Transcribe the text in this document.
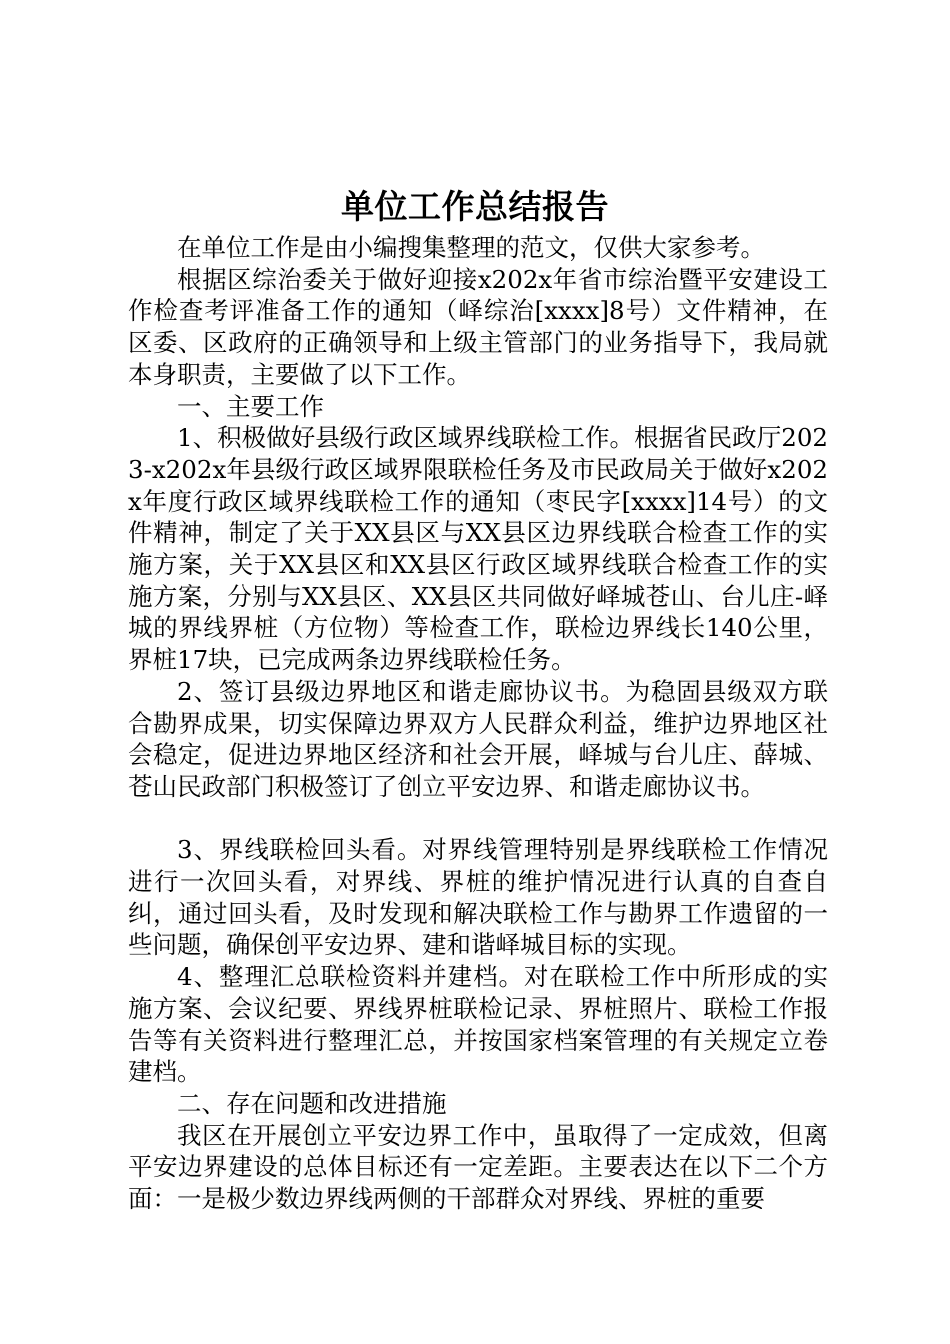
单位工作总结报告

在单位工作是由小编搜集整理的范文，仅供大家参考。

根据区综治委关于做好迎接x202x年省市综治暨平安建设工作检查考评准备工作的通知（峄综治[xxxx]8号）文件精神，在区委、区政府的正确领导和上级主管部门的业务指导下，我局就本身职责，主要做了以下工作。

一、主要工作

1、积极做好县级行政区域界线联检工作。根据省民政厅2023-x202x年县级行政区域界限联检任务及市民政局关于做好x202x年度行政区域界线联检工作的通知（枣民字[xxxx]14号）的文件精神，制定了关于XX县区与XX县区边界线联合检查工作的实施方案，关于XX县区和XX县区行政区域界线联合检查工作的实施方案，分别与XX县区、XX县区共同做好峄城苍山、台儿庄-峄城的界线界桩（方位物）等检查工作，联检边界线长140公里，界桩17块，已完成两条边界线联检任务。

2、签订县级边界地区和谐走廊协议书。为稳固县级双方联合勘界成果，切实保障边界双方人民群众利益，维护边界地区社会稳定，促进边界地区经济和社会开展，峄城与台儿庄、薛城、苍山民政部门积极签订了创立平安边界、和谐走廊协议书。

3、界线联检回头看。对界线管理特别是界线联检工作情况进行一次回头看，对界线、界桩的维护情况进行认真的自查自纠，通过回头看，及时发现和解决联检工作与勘界工作遗留的一些问题，确保创平安边界、建和谐峄城目标的实现。

4、整理汇总联检资料并建档。对在联检工作中所形成的实施方案、会议纪要、界线界桩联检记录、界桩照片、联检工作报告等有关资料进行整理汇总，并按国家档案管理的有关规定立卷建档。

二、存在问题和改进措施

我区在开展创立平安边界工作中，虽取得了一定成效，但离平安边界建设的总体目标还有一定差距。主要表达在以下二个方面：一是极少数边界线两侧的干部群众对界线、界桩的重要
